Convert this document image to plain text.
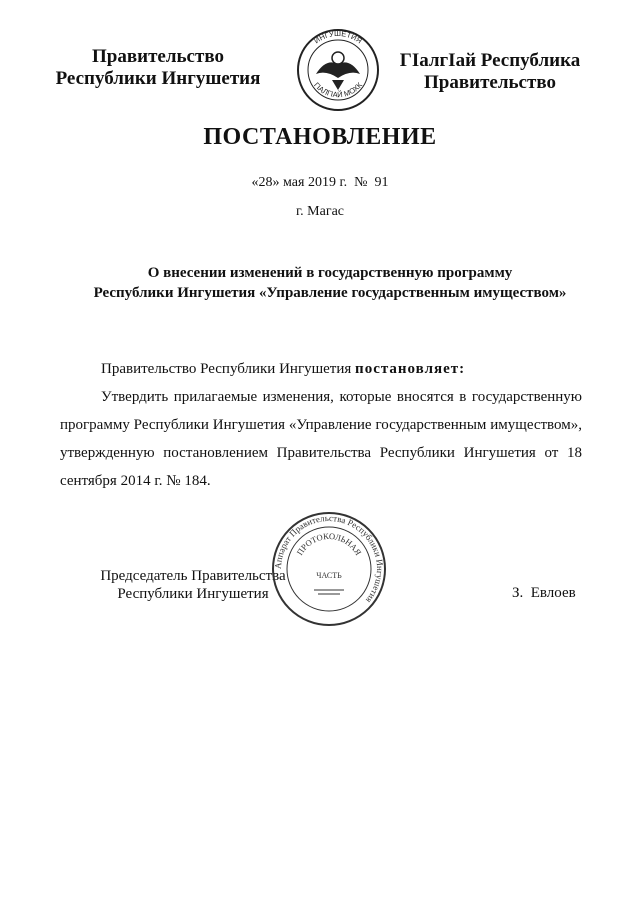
Правительство
Республики Ингушетия
ИНГУШЕТИЯ
ГIАЛГIАЙ МОХК
ГIалгIай Республика
Правительство
ПОСТАНОВЛЕНИЕ
«28» мая 2019 г.  №  91
г. Магас
О внесении изменений в государственную программу
Республики Ингушетия «Управление государственным имуществом»

Правительство Республики Ингушетия постановляет:

Утвердить прилагаемые изменения, которые вносятся в государственную программу Республики Ингушетия «Управление государственным имуществом», утвержденную постановлением Правительства Республики Ингушетия от 18 сентября 2014 г. № 184.

Председатель Правительства
Республики Ингушетия
Аппарат Правительства Республики Ингушетия
ПРОТОКОЛЬНАЯ
ЧАСТЬ
З.  Евлоев
